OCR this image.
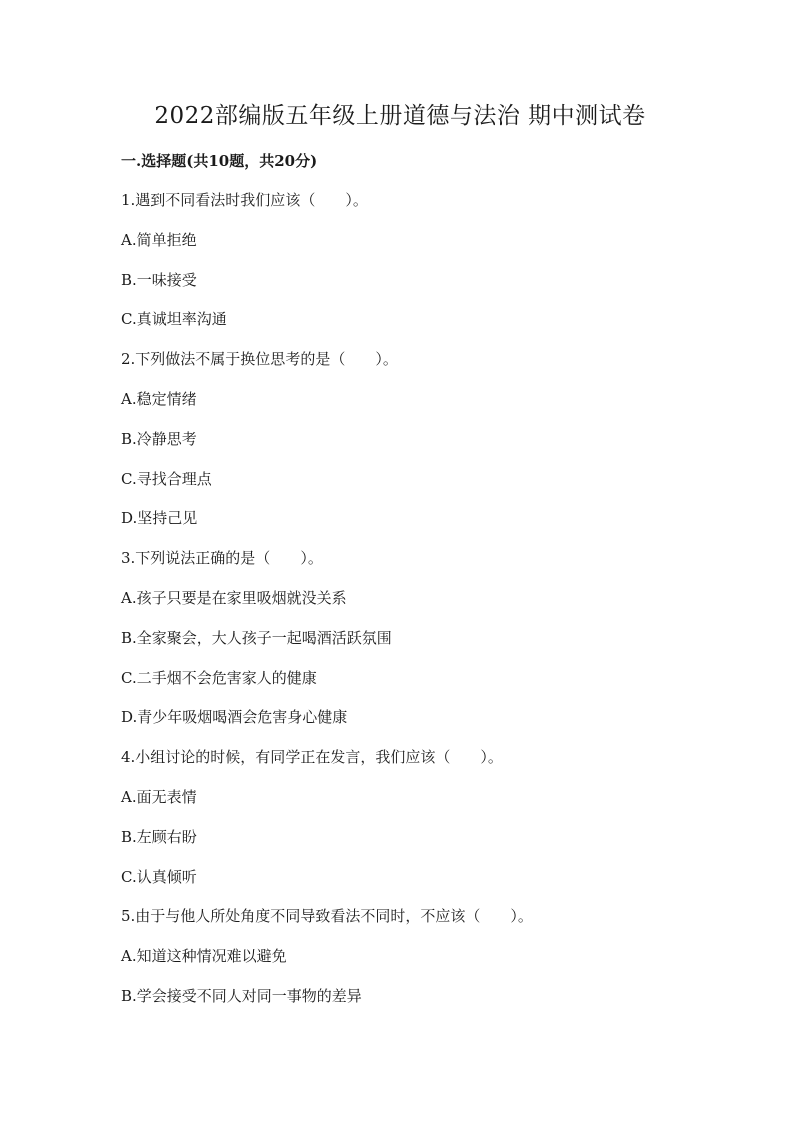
2022部编版五年级上册道德与法治 期中测试卷
一.选择题(共10题，共20分)
1.遇到不同看法时我们应该（　　）。
A.简单拒绝
B.一味接受
C.真诚坦率沟通
2.下列做法不属于换位思考的是（　　）。
A.稳定情绪
B.冷静思考
C.寻找合理点
D.坚持己见
3.下列说法正确的是（　　）。
A.孩子只要是在家里吸烟就没关系
B.全家聚会，大人孩子一起喝酒活跃氛围
C.二手烟不会危害家人的健康
D.青少年吸烟喝酒会危害身心健康
4.小组讨论的时候，有同学正在发言，我们应该（　　）。
A.面无表情
B.左顾右盼
C.认真倾听
5.由于与他人所处角度不同导致看法不同时，不应该（　　）。
A.知道这种情况难以避免
B.学会接受不同人对同一事物的差异
